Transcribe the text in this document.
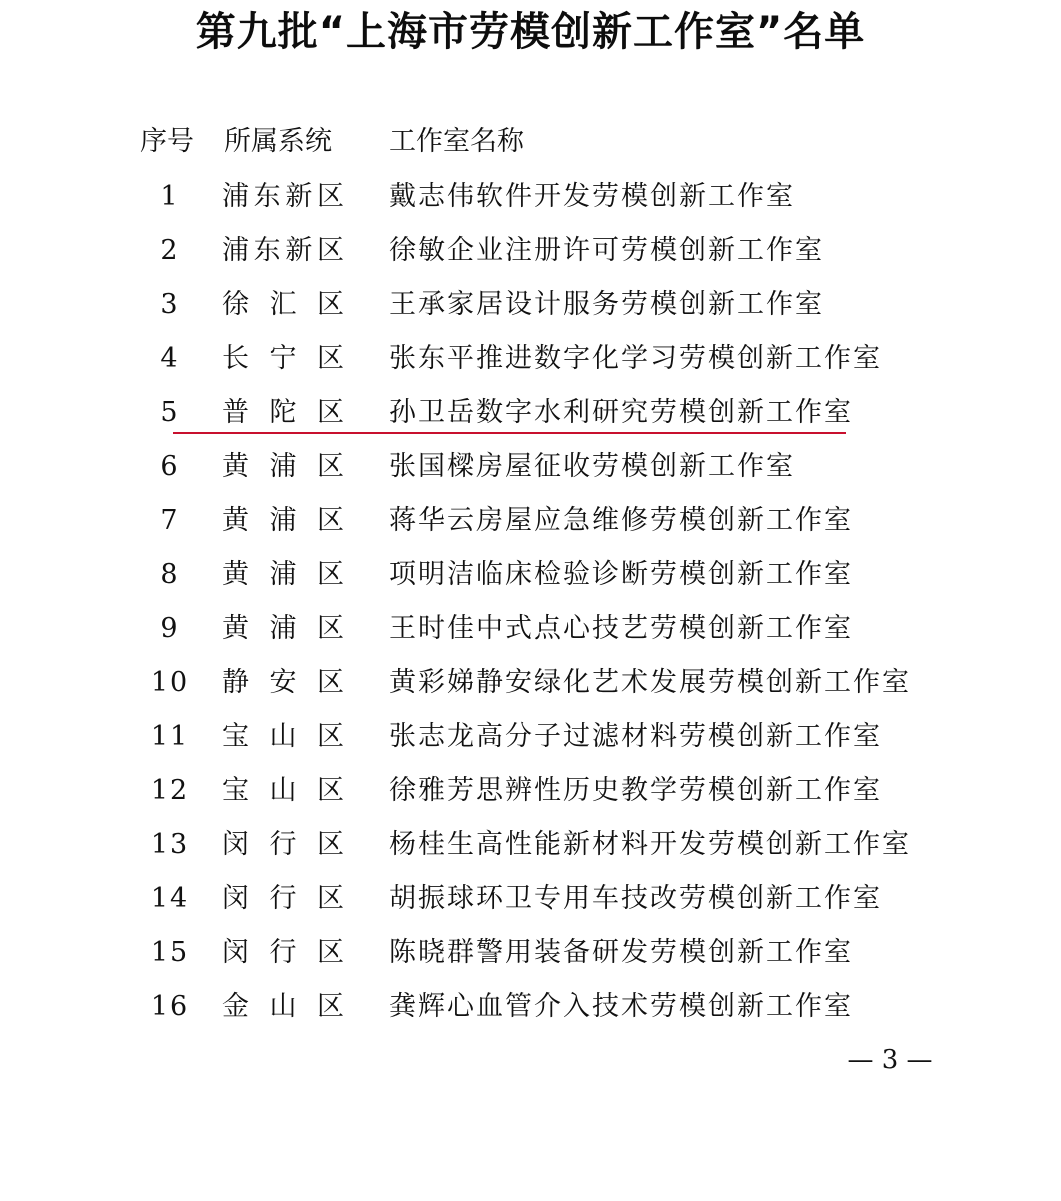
第九批“上海市劳模创新工作室”名单
序号 所属系统 工作室名称
1	浦东新区 戴志伟软件开发劳模创新工作室
2	浦东新区 徐敏企业注册许可劳模创新工作室
3	徐汇区 王承家居设计服务劳模创新工作室
4	长宁区 张东平推进数字化学习劳模创新工作室
5	普陀区 孙卫岳数字水利研究劳模创新工作室
6	黄浦区 张国樑房屋征收劳模创新工作室
7	黄浦区 蒋华云房屋应急维修劳模创新工作室
8	黄浦区 项明洁临床检验诊断劳模创新工作室
9	黄浦区 王时佳中式点心技艺劳模创新工作室
10	静安区 黄彩娣静安绿化艺术发展劳模创新工作室
11	宝山区 张志龙高分子过滤材料劳模创新工作室
12	宝山区 徐雅芳思辨性历史教学劳模创新工作室
13	闵行区 杨桂生高性能新材料开发劳模创新工作室
14	闵行区 胡振球环卫专用车技改劳模创新工作室
15	闵行区 陈晓群警用装备研发劳模创新工作室
16	金山区 龚辉心血管介入技术劳模创新工作室
— 3 —
